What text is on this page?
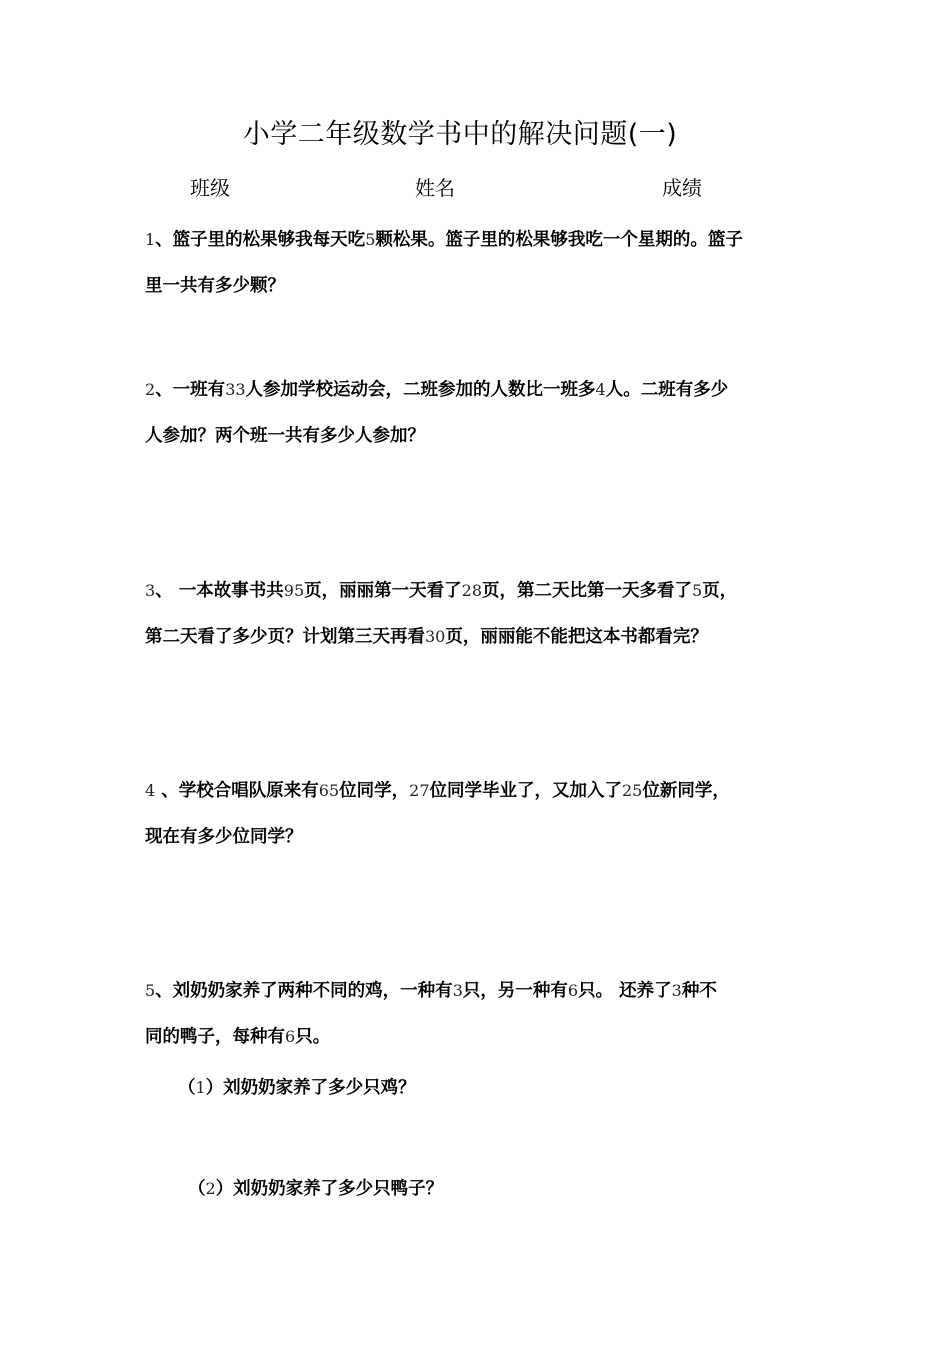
小学二年级数学书中的解决问题(一)
班级	姓名	成绩
1、篮子里的松果够我每天吃5颗松果。篮子里的松果够我吃一个星期的。篮子
里一共有多少颗？
2、一班有33人参加学校运动会，二班参加的人数比一班多4人。二班有多少
人参加？两个班一共有多少人参加？
3、 一本故事书共95页，丽丽第一天看了28页，第二天比第一天多看了5页，
第二天看了多少页？计划第三天再看30页，丽丽能不能把这本书都看完？
4 、学校合唱队原来有65位同学，27位同学毕业了，又加入了25位新同学，
现在有多少位同学？
5、刘奶奶家养了两种不同的鸡，一种有3只，另一种有6只。 还养了3种不
同的鸭子，每种有6只。
（1）刘奶奶家养了多少只鸡？
（2）刘奶奶家养了多少只鸭子？
